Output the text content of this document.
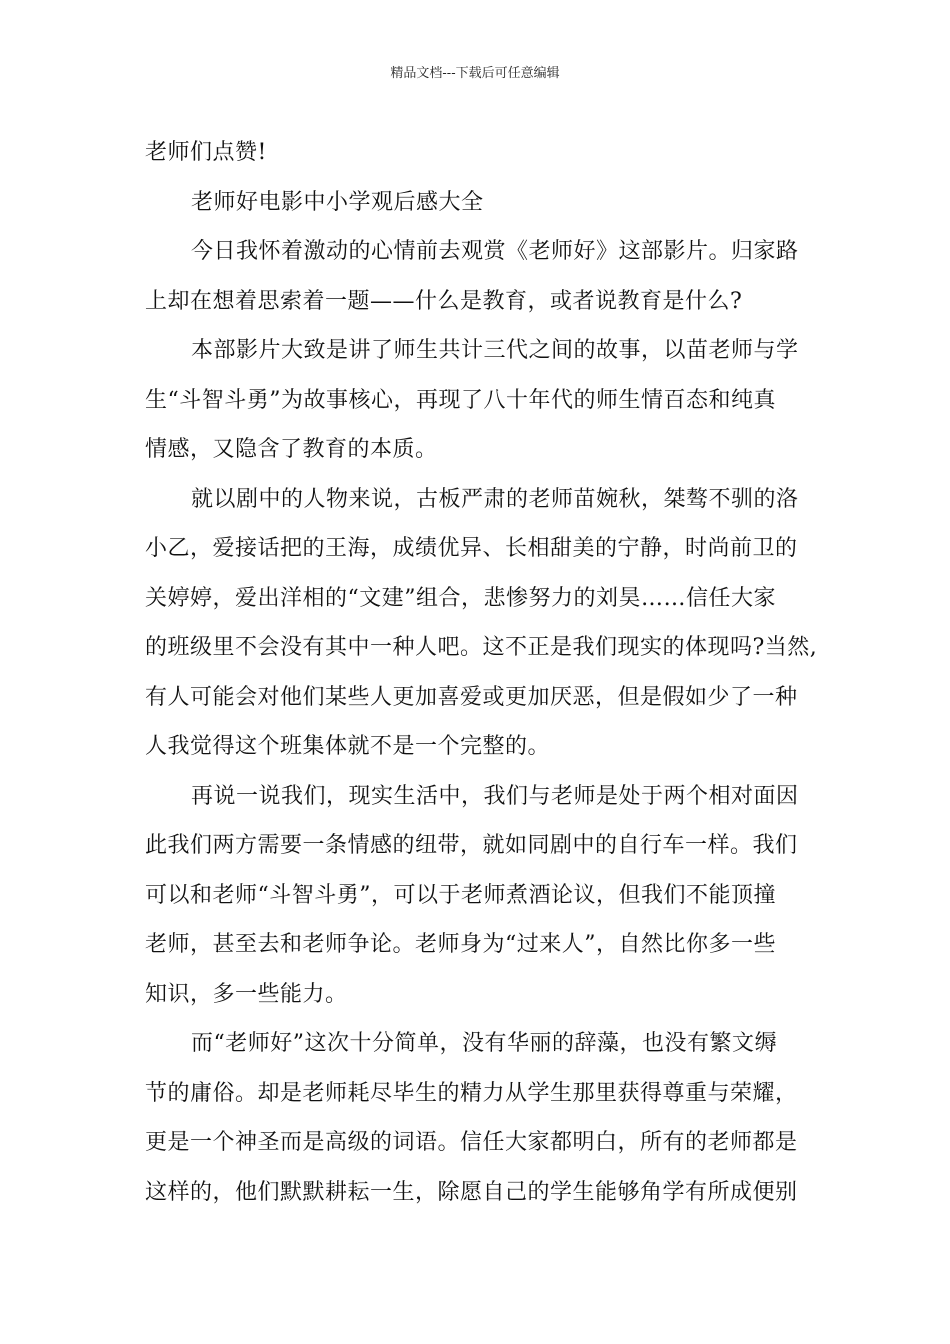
精品文档---下载后可任意编辑

老师们点赞!

老师好电影中小学观后感大全

今日我怀着激动的心情前去观赏《老师好》这部影片。归家路

上却在想着思索着一题——什么是教育，或者说教育是什么?

本部影片大致是讲了师生共计三代之间的故事，以苗老师与学

生“斗智斗勇”为故事核心，再现了八十年代的师生情百态和纯真

情感，又隐含了教育的本质。

就以剧中的人物来说，古板严肃的老师苗婉秋，桀骜不驯的洛

小乙，爱接话把的王海，成绩优异、长相甜美的宁静，时尚前卫的

关婷婷，爱出洋相的“文建”组合，悲惨努力的刘昊……信任大家

的班级里不会没有其中一种人吧。这不正是我们现实的体现吗?当然,

有人可能会对他们某些人更加喜爱或更加厌恶，但是假如少了一种

人我觉得这个班集体就不是一个完整的。

再说一说我们，现实生活中，我们与老师是处于两个相对面因

此我们两方需要一条情感的纽带，就如同剧中的自行车一样。我们

可以和老师“斗智斗勇”，可以于老师煮酒论议，但我们不能顶撞

老师，甚至去和老师争论。老师身为“过来人”，自然比你多一些

知识，多一些能力。

而“老师好”这次十分简单，没有华丽的辞藻，也没有繁文缛

节的庸俗。却是老师耗尽毕生的精力从学生那里获得尊重与荣耀，

更是一个神圣而是高级的词语。信任大家都明白，所有的老师都是

这样的，他们默默耕耘一生，除愿自己的学生能够角学有所成便别
